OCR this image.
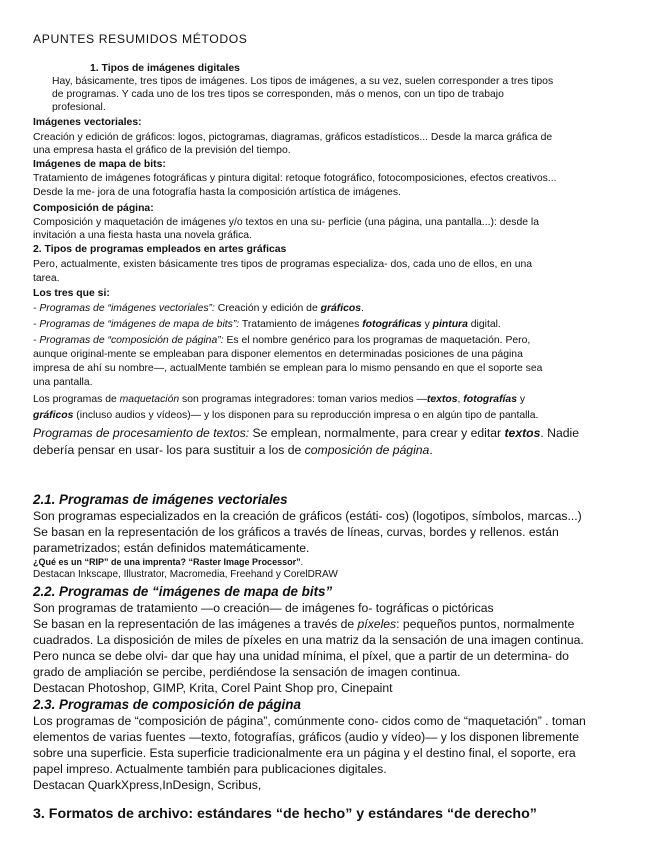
APUNTES RESUMIDOS MÉTODOS
1. Tipos de imágenes digitales
Hay, básicamente, tres tipos de imágenes. Los tipos de imágenes, a su vez, suelen corresponder a tres tipos
de programas. Y cada uno de los tres tipos se corresponden, más o menos, con un tipo de trabajo
profesional.
Imágenes vectoriales:
Creación y edición de gráficos: logos, pictogramas, diagramas, gráficos estadísticos... Desde la marca gráfica de
una empresa hasta el gráfico de la previsión del tiempo.
Imágenes de mapa de bits:
Tratamiento de imágenes fotográficas y pintura digital: retoque fotográfico, fotocomposiciones, efectos creativos...
Desde la me- jora de una fotografía hasta la composición artística de imágenes.
Composición de página:
Composición y maquetación de imágenes y/o textos en una su- perficie (una página, una pantalla...): desde la
invitación a una fiesta hasta una novela gráfica.
2. Tipos de programas empleados en artes gráficas
Pero, actualmente, existen básicamente tres tipos de programas especializa- dos, cada uno de ellos, en una
tarea.
Los tres que si:
- Programas de “imágenes vectoriales”: Creación y edición de gráficos.
- Programas de “imágenes de mapa de bits”: Tratamiento de imágenes fotográficas y pintura digital.
- Programas de “composición de página”: Es el nombre genérico para los programas de maquetación. Pero,
aunque original-mente se empleaban para disponer elementos en determinadas posiciones de una página
impresa de ahí su nombre—, actualMente también se emplean para lo mismo pensando en que el soporte sea
una pantalla.
Los programas de maquetación son programas integradores: toman varios medios —textos, fotografías y
gráficos (incluso audios y vídeos)— y los disponen para su reproducción impresa o en algún tipo de pantalla.
Programas de procesamiento de textos: Se emplean, normalmente, para crear y editar textos. Nadie
debería pensar en usar- los para sustituir a los de composición de página.
2.1. Programas de imágenes vectoriales
Son programas especializados en la creación de gráficos (estáti- cos) (logotipos, símbolos, marcas...)
Se basan en la representación de los gráficos a través de líneas, curvas, bordes y rellenos. están
parametrizados; están definidos matemáticamente.
¿Qué es un “RIP” de una imprenta? “Raster Image Processor”.
Destacan Inkscape, Illustrator, Macromedia, Freehand y CorelDRAW
2.2. Programas de “imágenes de mapa de bits”
Son programas de tratamiento —o creación— de imágenes fo- tográficas o pictóricas
Se basan en la representación de las imágenes a través de píxeles: pequeños puntos, normalmente
cuadrados. La disposición de miles de píxeles en una matriz da la sensación de una imagen continua.
Pero nunca se debe olvi- dar que hay una unidad mínima, el píxel, que a partir de un determina- do
grado de ampliación se percibe, perdiéndose la sensación de imagen continua.
Destacan Photoshop, GIMP, Krita, Corel Paint Shop pro, Cinepaint
2.3. Programas de composición de página
Los programas de “composición de página”, comúnmente cono- cidos como de “maquetación” . toman
elementos de varias fuentes —texto, fotografías, gráficos (audio y vídeo)— y los disponen libremente
sobre una superficie. Esta superficie tradicionalmente era un página y el destino final, el soporte, era
papel impreso. Actualmente también para publicaciones digitales.
Destacan QuarkXpress,InDesign, Scribus,
3. Formatos de archivo: estándares “de hecho” y estándares “de derecho”
